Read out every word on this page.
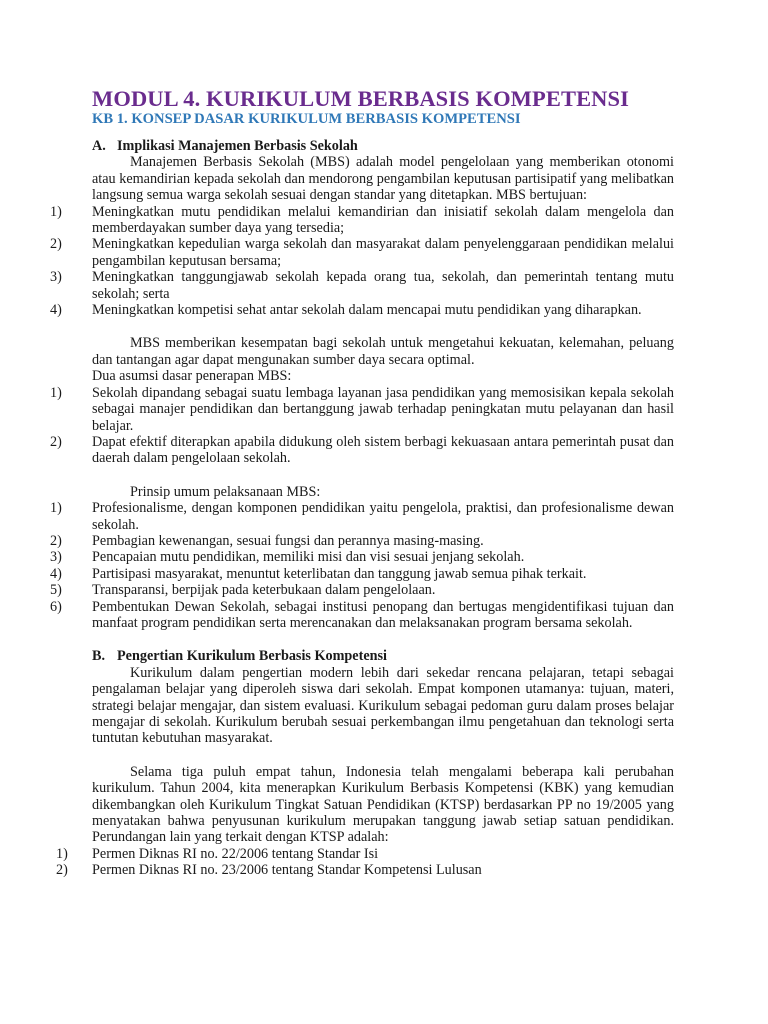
MODUL 4. KURIKULUM BERBASIS KOMPETENSI
KB 1. KONSEP DASAR KURIKULUM BERBASIS KOMPETENSI

A. Implikasi Manajemen Berbasis Sekolah

Manajemen Berbasis Sekolah (MBS) adalah model pengelolaan yang memberikan otonomi atau kemandirian kepada sekolah dan mendorong pengambilan keputusan partisipatif yang melibatkan langsung semua warga sekolah sesuai dengan standar yang ditetapkan. MBS bertujuan:

1) Meningkatkan mutu pendidikan melalui kemandirian dan inisiatif sekolah dalam mengelola dan memberdayakan sumber daya yang tersedia;
2) Meningkatkan kepedulian warga sekolah dan masyarakat dalam penyelenggaraan pendidikan melalui pengambilan keputusan bersama;
3) Meningkatkan tanggungjawab sekolah kepada orang tua, sekolah, dan pemerintah tentang mutu sekolah; serta
4) Meningkatkan kompetisi sehat antar sekolah dalam mencapai mutu pendidikan yang diharapkan.

MBS memberikan kesempatan bagi sekolah untuk mengetahui kekuatan, kelemahan, peluang dan tantangan agar dapat mengunakan sumber daya secara optimal.

Dua asumsi dasar penerapan MBS:

1) Sekolah dipandang sebagai suatu lembaga layanan jasa pendidikan yang memosisikan kepala sekolah sebagai manajer pendidikan dan bertanggung jawab terhadap peningkatan mutu pelayanan dan hasil belajar.
2) Dapat efektif diterapkan apabila didukung oleh sistem berbagi kekuasaan antara pemerintah pusat dan daerah dalam pengelolaan sekolah.

Prinsip umum pelaksanaan MBS:

1) Profesionalisme, dengan komponen pendidikan yaitu pengelola, praktisi, dan profesionalisme dewan sekolah.
2) Pembagian kewenangan, sesuai fungsi dan perannya masing-masing.
3) Pencapaian mutu pendidikan, memiliki misi dan visi sesuai jenjang sekolah.
4) Partisipasi masyarakat, menuntut keterlibatan dan tanggung jawab semua pihak terkait.
5) Transparansi, berpijak pada keterbukaan dalam pengelolaan.
6) Pembentukan Dewan Sekolah, sebagai institusi penopang dan bertugas mengidentifikasi tujuan dan manfaat program pendidikan serta merencanakan dan melaksanakan program bersama sekolah.

B. Pengertian Kurikulum Berbasis Kompetensi

Kurikulum dalam pengertian modern lebih dari sekedar rencana pelajaran, tetapi sebagai pengalaman belajar yang diperoleh siswa dari sekolah. Empat komponen utamanya: tujuan, materi, strategi belajar mengajar, dan sistem evaluasi. Kurikulum sebagai pedoman guru dalam proses belajar mengajar di sekolah. Kurikulum berubah sesuai perkembangan ilmu pengetahuan dan teknologi serta tuntutan kebutuhan masyarakat.

Selama tiga puluh empat tahun, Indonesia telah mengalami beberapa kali perubahan kurikulum. Tahun 2004, kita menerapkan Kurikulum Berbasis Kompetensi (KBK) yang kemudian dikembangkan oleh Kurikulum Tingkat Satuan Pendidikan (KTSP) berdasarkan PP no 19/2005 yang menyatakan bahwa penyusunan kurikulum merupakan tanggung jawab setiap satuan pendidikan. Perundangan lain yang terkait dengan KTSP adalah:

1) Permen Diknas RI no. 22/2006 tentang Standar Isi
2) Permen Diknas RI no. 23/2006 tentang Standar Kompetensi Lulusan
